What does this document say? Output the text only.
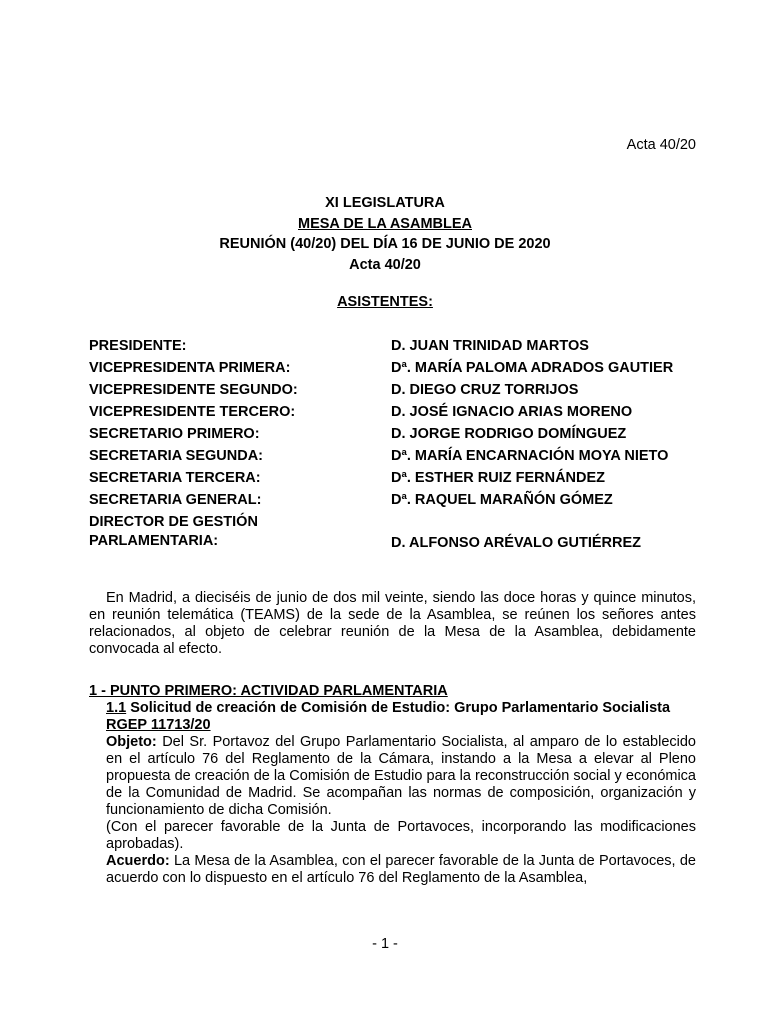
Acta 40/20
XI LEGISLATURA
MESA DE LA ASAMBLEA
REUNIÓN (40/20) DEL DÍA 16 DE JUNIO DE 2020
Acta 40/20
ASISTENTES:
PRESIDENTE:	D. JUAN TRINIDAD MARTOS
VICEPRESIDENTA PRIMERA:	Dª. MARÍA PALOMA ADRADOS GAUTIER
VICEPRESIDENTE SEGUNDO:	D. DIEGO CRUZ TORRIJOS
VICEPRESIDENTE TERCERO:	D. JOSÉ IGNACIO ARIAS MORENO
SECRETARIO PRIMERO:	D. JORGE RODRIGO DOMÍNGUEZ
SECRETARIA SEGUNDA:	Dª. MARÍA ENCARNACIÓN MOYA NIETO
SECRETARIA TERCERA:	Dª. ESTHER RUIZ FERNÁNDEZ
SECRETARIA GENERAL:	Dª. RAQUEL MARAÑÓN GÓMEZ
DIRECTOR DE GESTIÓN
PARLAMENTARIA:	D. ALFONSO ARÉVALO GUTIÉRREZ

En Madrid, a dieciséis de junio de dos mil veinte, siendo las doce horas y quince minutos, en reunión telemática (TEAMS) de la sede de la Asamblea, se reúnen los señores antes relacionados, al objeto de celebrar reunión de la Mesa de la Asamblea, debidamente convocada al efecto.

1 - PUNTO PRIMERO: ACTIVIDAD PARLAMENTARIA

1.1 Solicitud de creación de Comisión de Estudio: Grupo Parlamentario Socialista

RGEP 11713/20

Objeto: Del Sr. Portavoz del Grupo Parlamentario Socialista, al amparo de lo establecido en el artículo 76 del Reglamento de la Cámara, instando a la Mesa a elevar al Pleno propuesta de creación de la Comisión de Estudio para la reconstrucción social y económica de la Comunidad de Madrid. Se acompañan las normas de composición, organización y funcionamiento de dicha Comisión.

(Con el parecer favorable de la Junta de Portavoces, incorporando las modificaciones aprobadas).

Acuerdo: La Mesa de la Asamblea, con el parecer favorable de la Junta de Portavoces, de acuerdo con lo dispuesto en el artículo 76 del Reglamento de la Asamblea,

- 1 -
